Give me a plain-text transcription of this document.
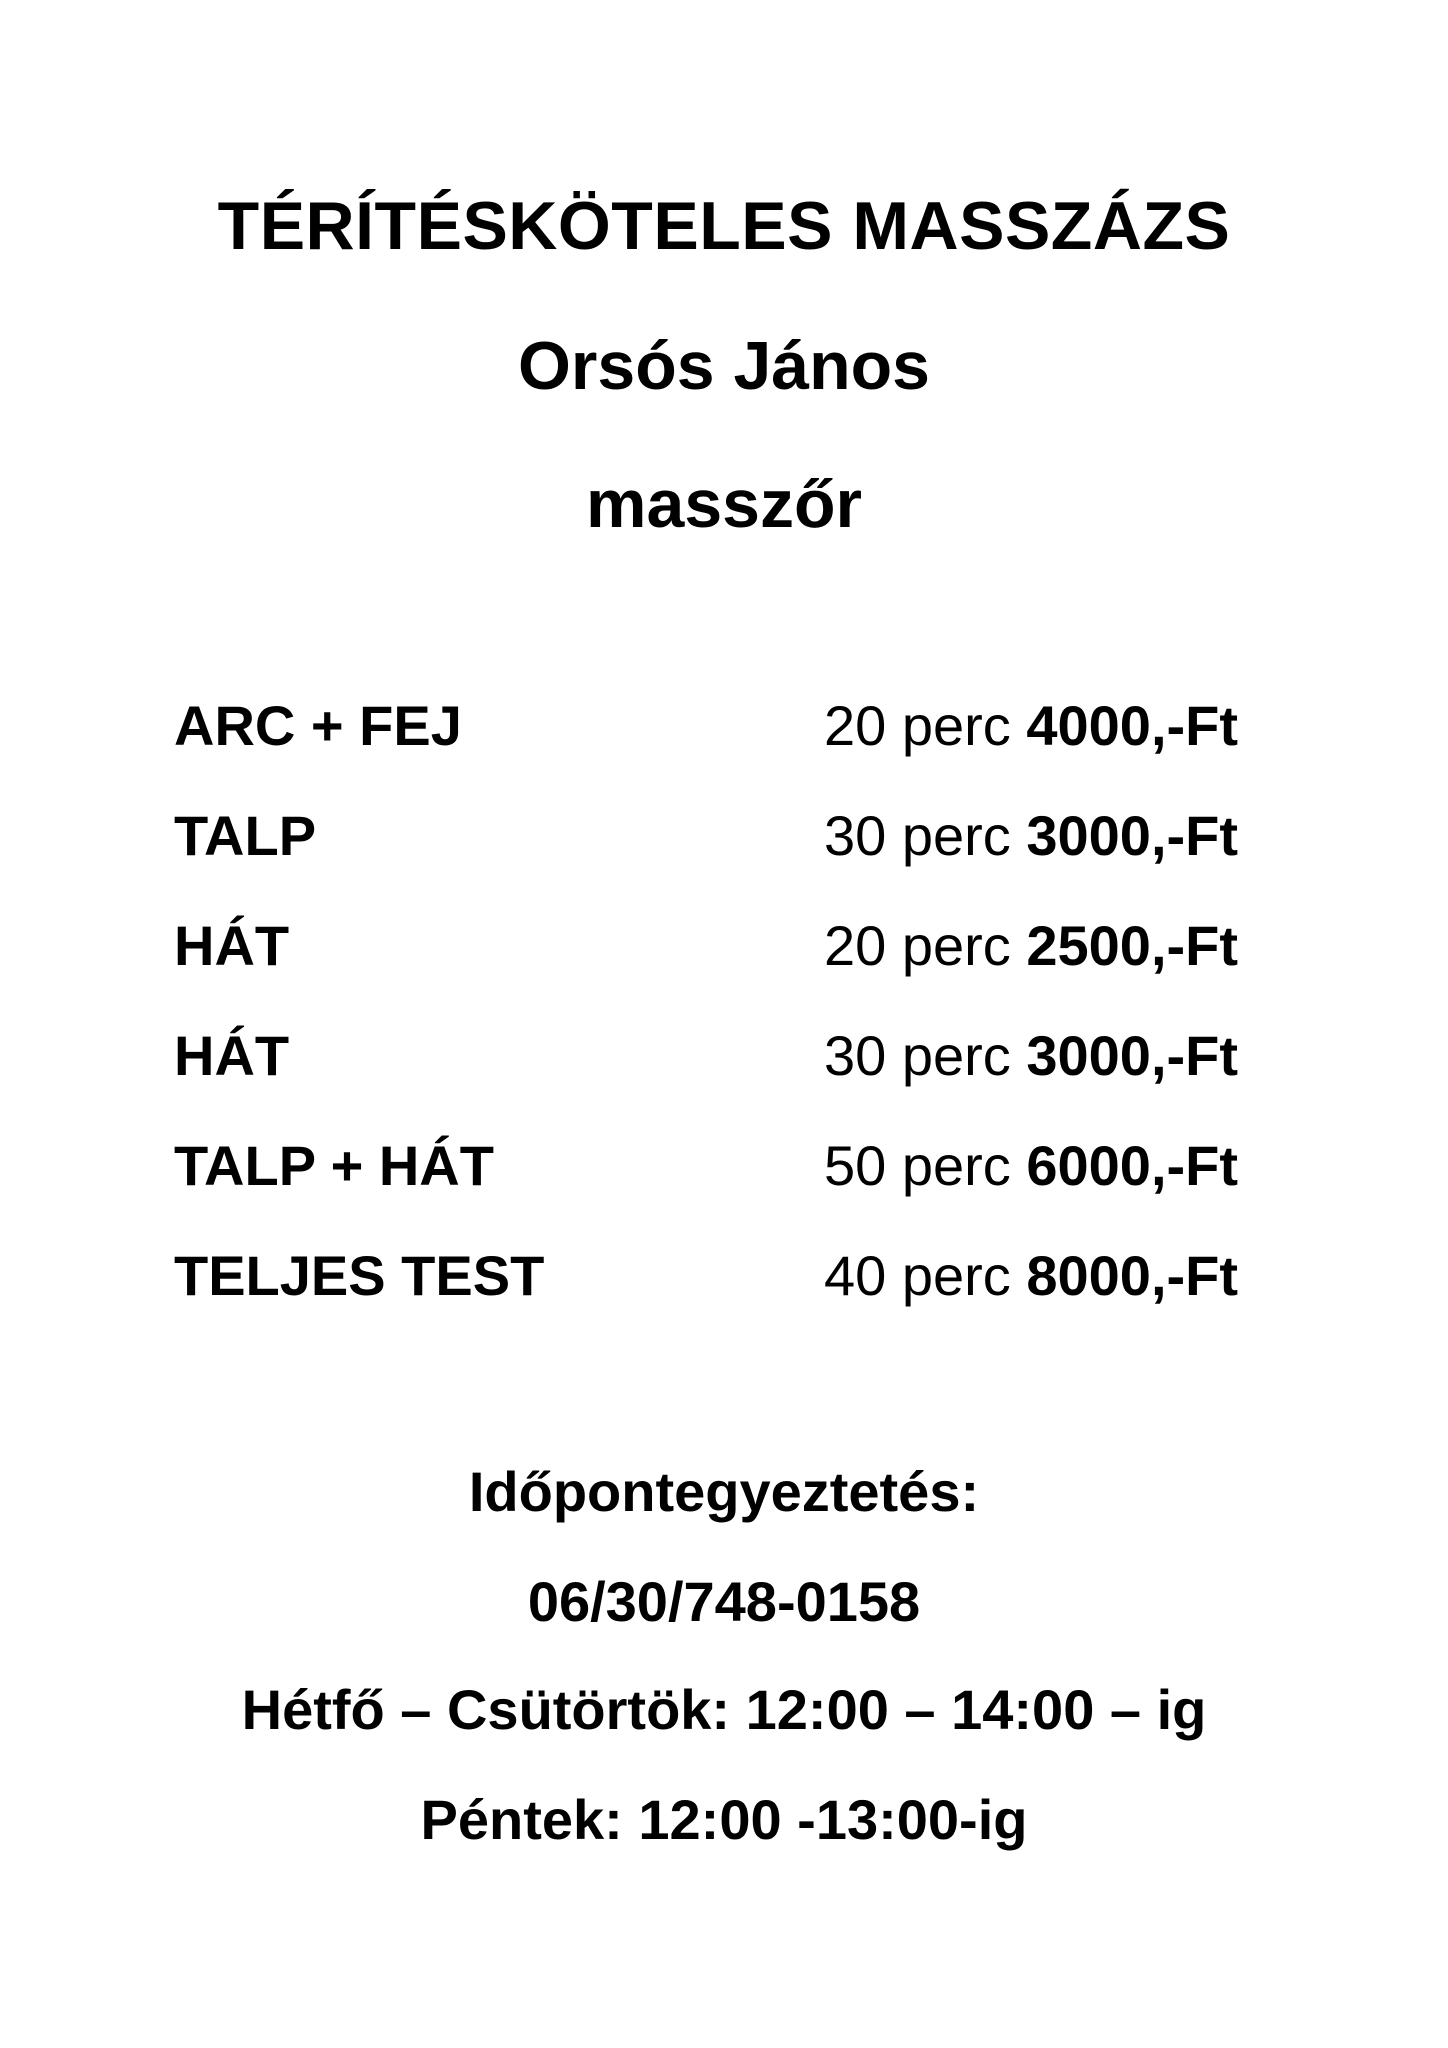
TÉRÍTÉSKÖTELES MASSZÁZS
Orsós János
masszőr
ARC + FEJ	20 perc 4000,-Ft
TALP	30 perc 3000,-Ft
HÁT	20 perc 2500,-Ft
HÁT	30 perc 3000,-Ft
TALP + HÁT	50 perc 6000,-Ft
TELJES TEST	40 perc 8000,-Ft
Időpontegyeztetés:
06/30/748-0158
Hétfő – Csütörtök: 12:00 – 14:00 – ig
Péntek: 12:00 -13:00-ig
